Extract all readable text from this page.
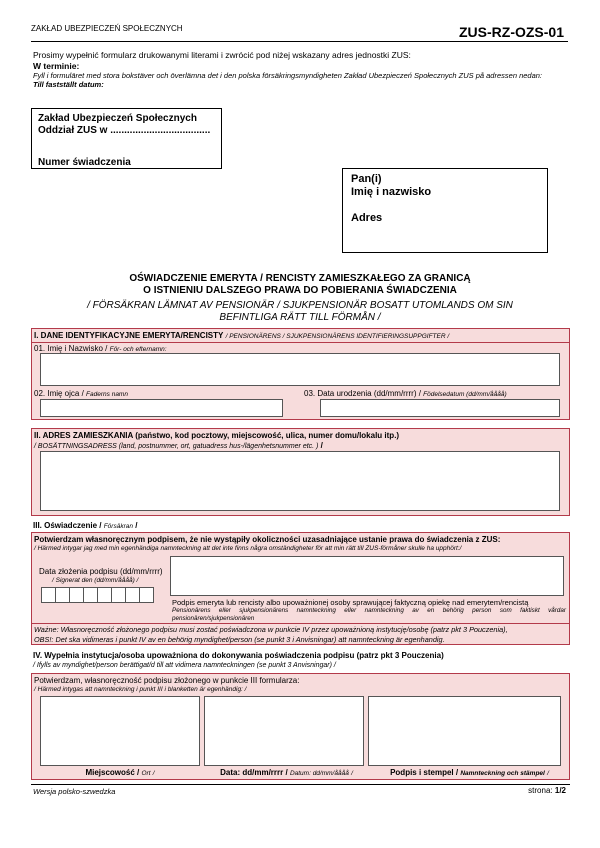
ZAKŁAD UBEZPIECZEŃ SPOŁECZNYCH	ZUS-RZ-OZS-01
Prosimy wypełnić formularz drukowanymi literami i zwrócić pod niżej wskazany adres jednostki ZUS:
W terminie:
Fyll i formuläret med stora bokstäver och överlämna det i den polska försäkringsmyndigheten Zakład Ubezpieczeń Społecznych ZUS på adressen nedan:
Till fastställt datum:
Zakład Ubezpieczeń Społecznych
Oddział ZUS w ....................................
Numer świadczenia
Pan(i)
Imię i nazwisko
Adres
OŚWIADCZENIE EMERYTA / RENCISTY ZAMIESZKAŁEGO ZA GRANICĄ
O ISTNIENIU DALSZEGO PRAWA DO POBIERANIA ŚWIADCZENIA
/ FÖRSÄKRAN LÄMNAT AV PENSIONÄR / SJUKPENSIONÄR BOSATT UTOMLANDS OM SIN
BEFINTLIGA RÄTT TILL FÖRMÅN /
I. DANE IDENTYFIKACYJNE EMERYTA/RENCISTY / PENSIONÄRENS / SJUKPENSIONÄRENS IDENTIFIERINGSUPPGIFTER /
01. Imię i Nazwisko / För- och efternamn:
02. Imię ojca / Faderns namn	03. Data urodzenia (dd/mm/rrrr) / Födelsedatum (dd/mm/åååå)
II. ADRES ZAMIESZKANIA (państwo, kod pocztowy, miejscowość, ulica, numer domu/lokalu itp.)
/ BOSÄTTNINGSADRESS (land, postnummer, ort, gatuadress hus-/lägenhetsnummer etc. ) /
III. Oświadczenie / Försäkran /
Potwierdzam własnoręcznym podpisem, że nie wystąpiły okoliczności uzasadniające ustanie prawa do świadczenia z ZUS:
/ Härmed intygar jag med min egenhändiga namnteckning att det inte finns några omständigheter för att min rätt till ZUS-förmåner skulle ha upphört:/
Data złożenia podpisu (dd/mm/rrrr)
/ Signerat den (dd/mm/åååå) /
Podpis emeryta lub rencisty albo upoważnionej osoby sprawującej faktyczną opiekę nad emerytem/rencistą
Pensionärens eller sjukpensionärens namnteckning eller namnteckning av en behörig person som faktiskt vårdar pensionären/sjukpensionären
Ważne: Własnoręczność złożonego podpisu musi zostać poświadczona w punkcie IV przez upoważnioną instytucję/osobę (patrz pkt 3 Pouczenia),
OBS!: Det ska vidimeras i punkt IV av en behörig myndighet/person (se punkt 3 i Anvisningar) att namnteckning är egenhandig.
IV. Wypełnia instytucja/osoba upoważniona do dokonywania poświadczenia podpisu (patrz pkt 3 Pouczenia)
/ Ifylls av myndighet/person berättigat/d till att vidimera namnteckningen (se punkt 3 Anvisningar) /
Potwierdzam, własnoręczność podpisu złożonego w punkcie III formularza:
/ Härmed intygas att namnteckning i punkt III i blanketten är egenhändig: /
Miejscowość / Ort /	Data: dd/mm/rrrr / Datum: dd/mm/åååå /	Podpis i stempel / Namnteckning och stämpel /
Wersja polsko-szwedzka	strona: 1/2
